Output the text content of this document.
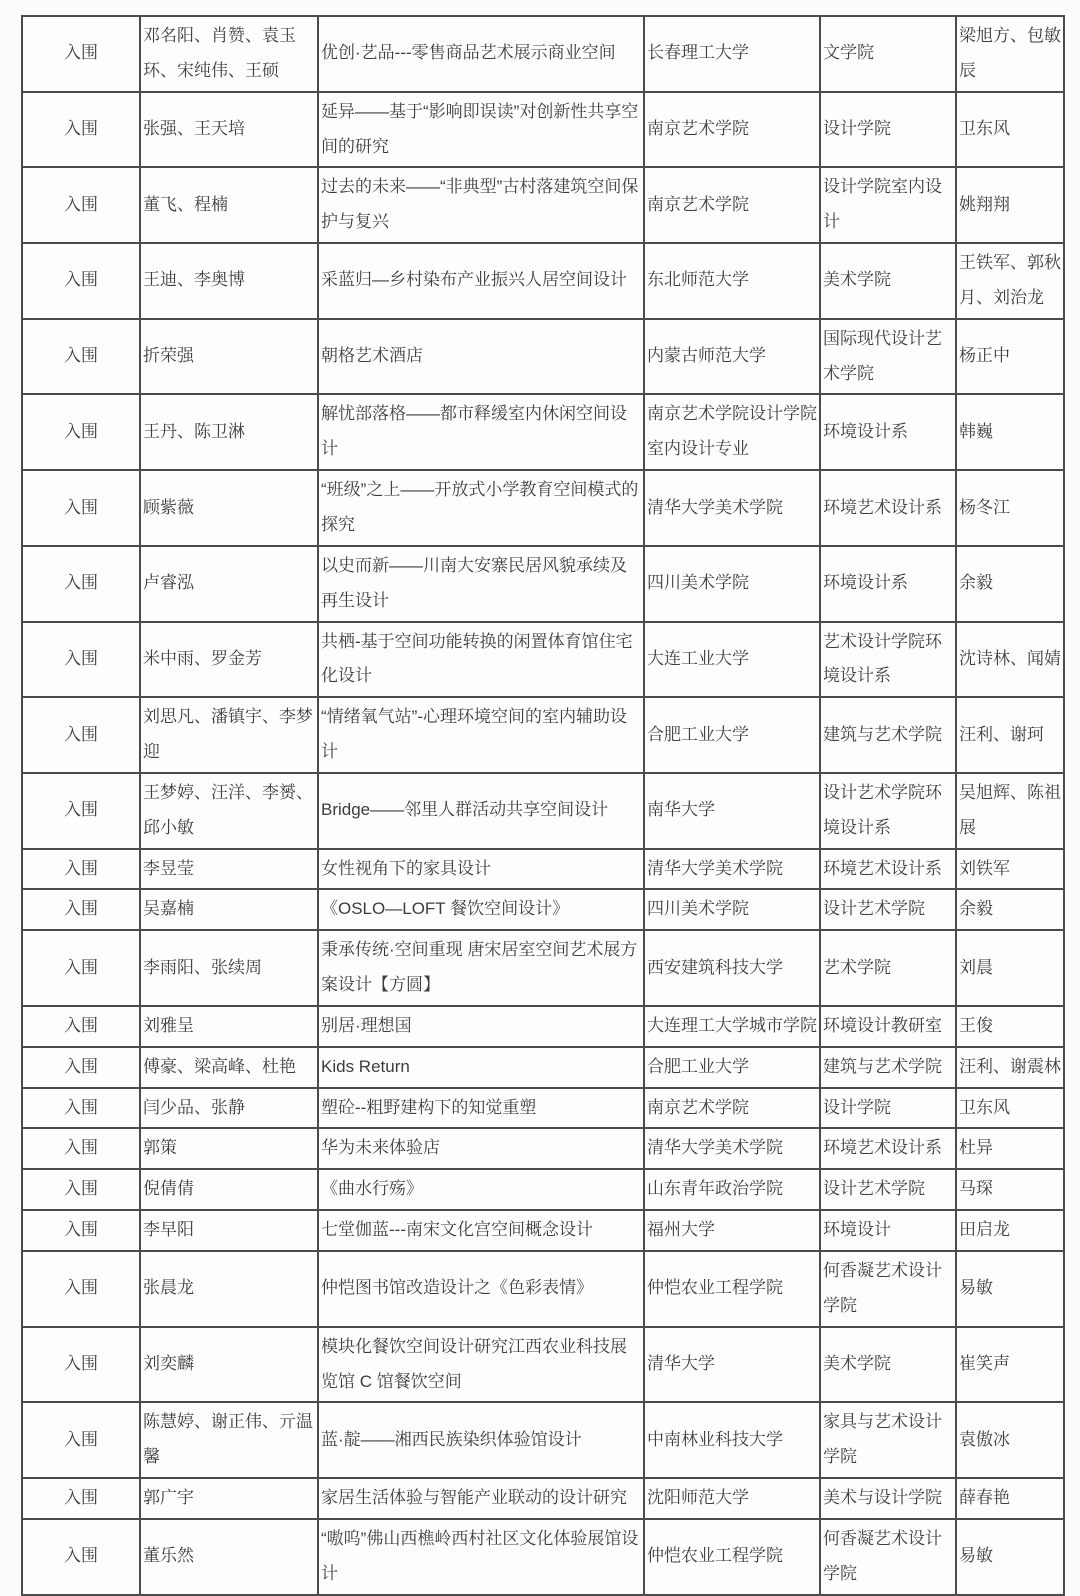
入围	邓名阳、肖赞、袁玉环、宋纯伟、王硕	优创·艺品---零售商品艺术展示商业空间	长春理工大学	文学院	梁旭方、包敏辰
入围	张强、王天培	延异——基于“影响即误读”对创新性共享空间的研究	南京艺术学院	设计学院	卫东风
入围	董飞、程楠	过去的未来——“非典型”古村落建筑空间保护与复兴	南京艺术学院	设计学院室内设计	姚翔翔
入围	王迪、李奥博	采蓝归—乡村染布产业振兴人居空间设计	东北师范大学	美术学院	王铁军、郭秋月、刘治龙
入围	折荣强	朝格艺术酒店	内蒙古师范大学	国际现代设计艺术学院	杨正中
入围	王丹、陈卫淋	解忧部落格——都市释缓室内休闲空间设计	南京艺术学院设计学院室内设计专业	环境设计系	韩巍
入围	顾紫薇	“班级”之上——开放式小学教育空间模式的探究	清华大学美术学院	环境艺术设计系	杨冬江
入围	卢睿泓	以史而新——川南大安寨民居风貌承续及再生设计	四川美术学院	环境设计系	余毅
入围	米中雨、罗金芳	共栖-基于空间功能转换的闲置体育馆住宅化设计	大连工业大学	艺术设计学院环境设计系	沈诗林、闻婧
入围	刘思凡、潘镇宇、李梦迎	“情绪氧气站”-心理环境空间的室内辅助设计	合肥工业大学	建筑与艺术学院	汪利、谢珂
入围	王梦婷、汪洋、李赟、邱小敏	Bridge——邻里人群活动共享空间设计	南华大学	设计艺术学院环境设计系	吴旭辉、陈祖展
入围	李昱莹	女性视角下的家具设计	清华大学美术学院	环境艺术设计系	刘铁军
入围	吴嘉楠	《OSLO—LOFT 餐饮空间设计》	四川美术学院	设计艺术学院	余毅
入围	李雨阳、张续周	秉承传统·空间重现 唐宋居室空间艺术展方案设计【方圆】	西安建筑科技大学	艺术学院	刘晨
入围	刘雅呈	别居·理想国	大连理工大学城市学院	环境设计教研室	王俊
入围	傅豪、梁高峰、杜艳	Kids Return	合肥工业大学	建筑与艺术学院	汪利、谢震林
入围	闫少品、张静	塑砼--粗野建构下的知觉重塑	南京艺术学院	设计学院	卫东风
入围	郭策	华为未来体验店	清华大学美术学院	环境艺术设计系	杜异
入围	倪倩倩	《曲水行殇》	山东青年政治学院	设计艺术学院	马琛
入围	李早阳	七堂伽蓝---南宋文化宫空间概念设计	福州大学	环境设计	田启龙
入围	张晨龙	仲恺图书馆改造设计之《色彩表情》	仲恺农业工程学院	何香凝艺术设计学院	易敏
入围	刘奕麟	模块化餐饮空间设计研究江西农业科技展览馆 C 馆餐饮空间	清华大学	美术学院	崔笑声
入围	陈慧婷、谢正伟、亓温馨	蓝·靛——湘西民族染织体验馆设计	中南林业科技大学	家具与艺术设计学院	袁傲冰
入围	郭广宇	家居生活体验与智能产业联动的设计研究	沈阳师范大学	美术与设计学院	薛春艳
入围	董乐然	“嗷呜”佛山西樵岭西村社区文化体验展馆设计	仲恺农业工程学院	何香凝艺术设计学院	易敏
